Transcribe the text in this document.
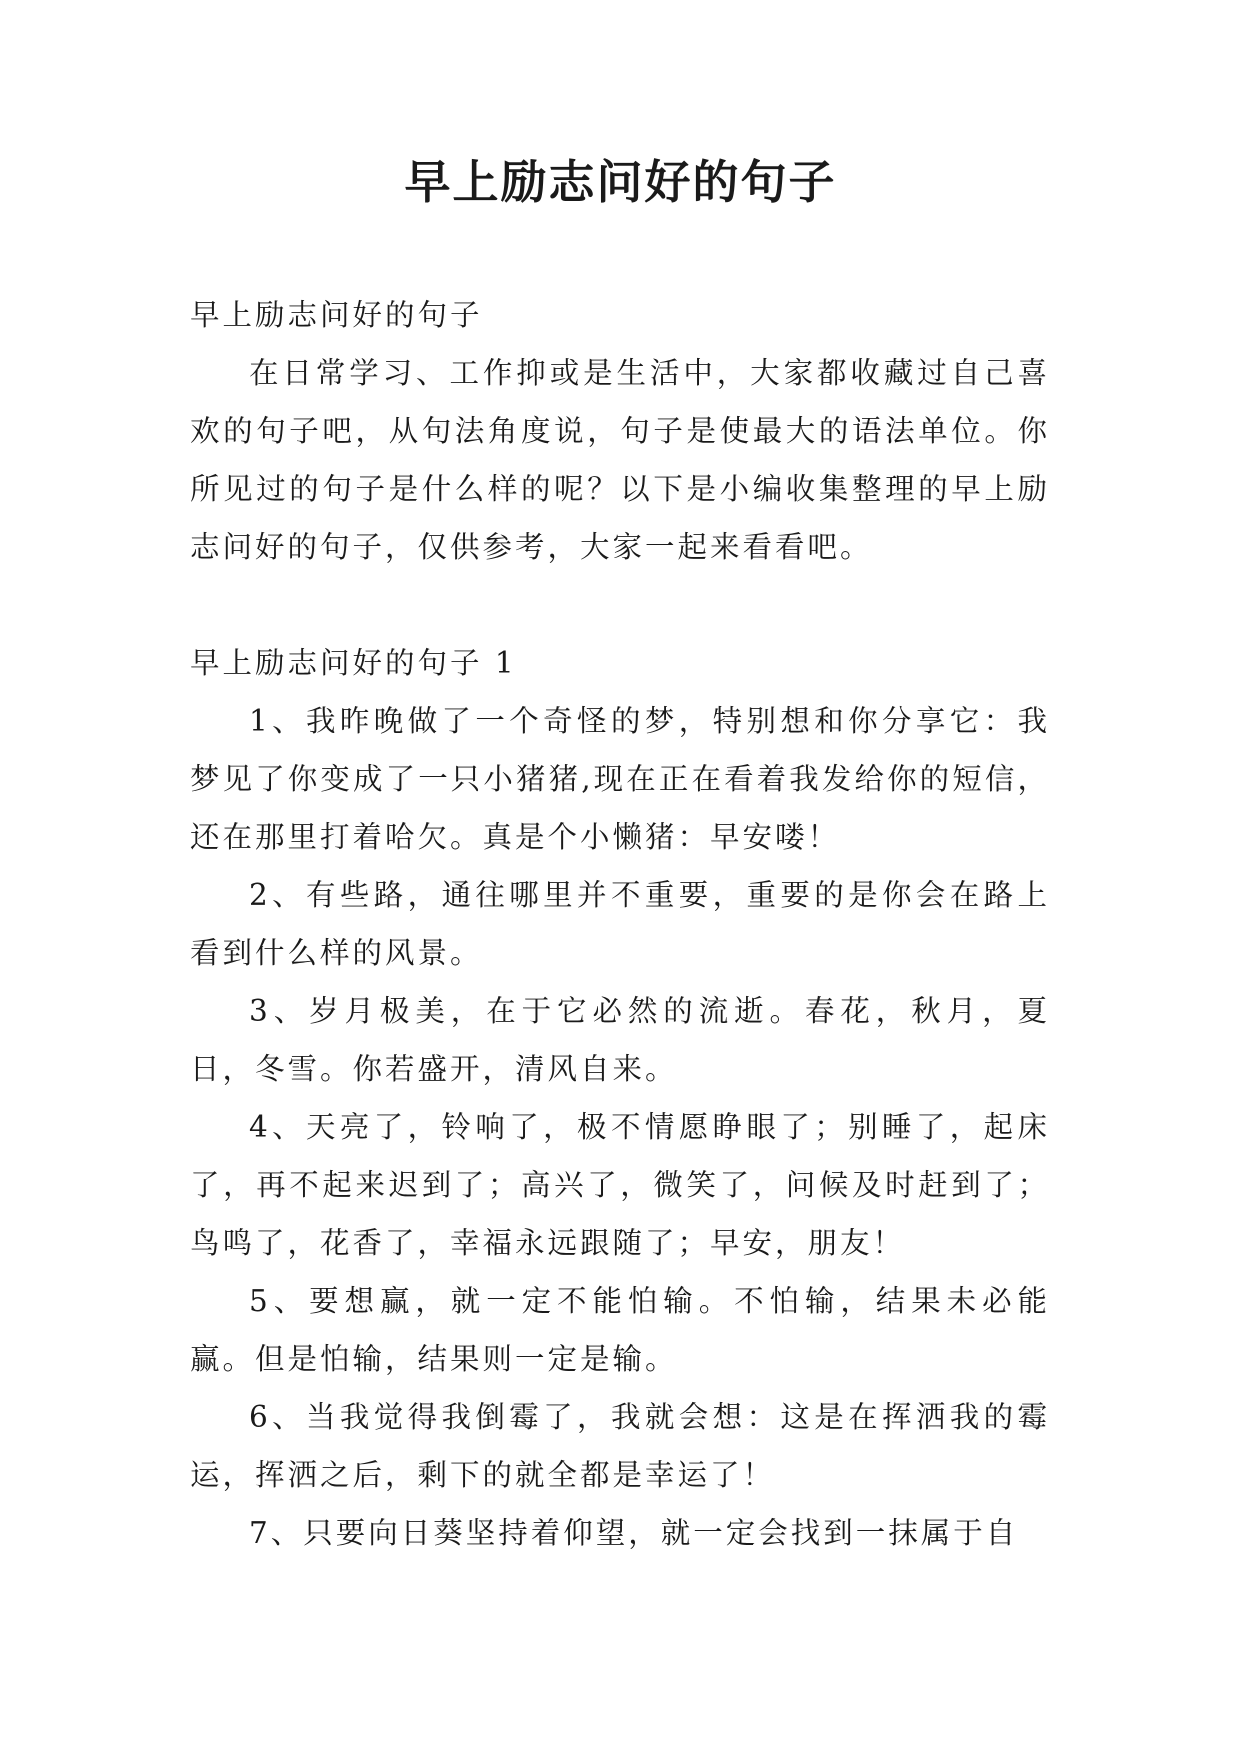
早上励志问好的句子

早上励志问好的句子

在日常学习、工作抑或是生活中，大家都收藏过自己喜欢的句子吧，从句法角度说，句子是使最大的语法单位。你所见过的句子是什么样的呢？以下是小编收集整理的早上励志问好的句子，仅供参考，大家一起来看看吧。

早上励志问好的句子 1

1、我昨晚做了一个奇怪的梦，特别想和你分享它：我梦见了你变成了一只小猪猪,现在正在看着我发给你的短信，还在那里打着哈欠。真是个小懒猪：早安喽！

2、有些路，通往哪里并不重要，重要的是你会在路上看到什么样的风景。

3、岁月极美，在于它必然的流逝。春花，秋月，夏日，冬雪。你若盛开，清风自来。

4、天亮了，铃响了，极不情愿睁眼了；别睡了，起床了，再不起来迟到了；高兴了，微笑了，问候及时赶到了；鸟鸣了，花香了，幸福永远跟随了；早安，朋友！

5、要想赢，就一定不能怕输。不怕输，结果未必能赢。但是怕输，结果则一定是输。

6、当我觉得我倒霉了，我就会想：这是在挥洒我的霉运，挥洒之后，剩下的就全都是幸运了！

7、只要向日葵坚持着仰望，就一定会找到一抹属于自
